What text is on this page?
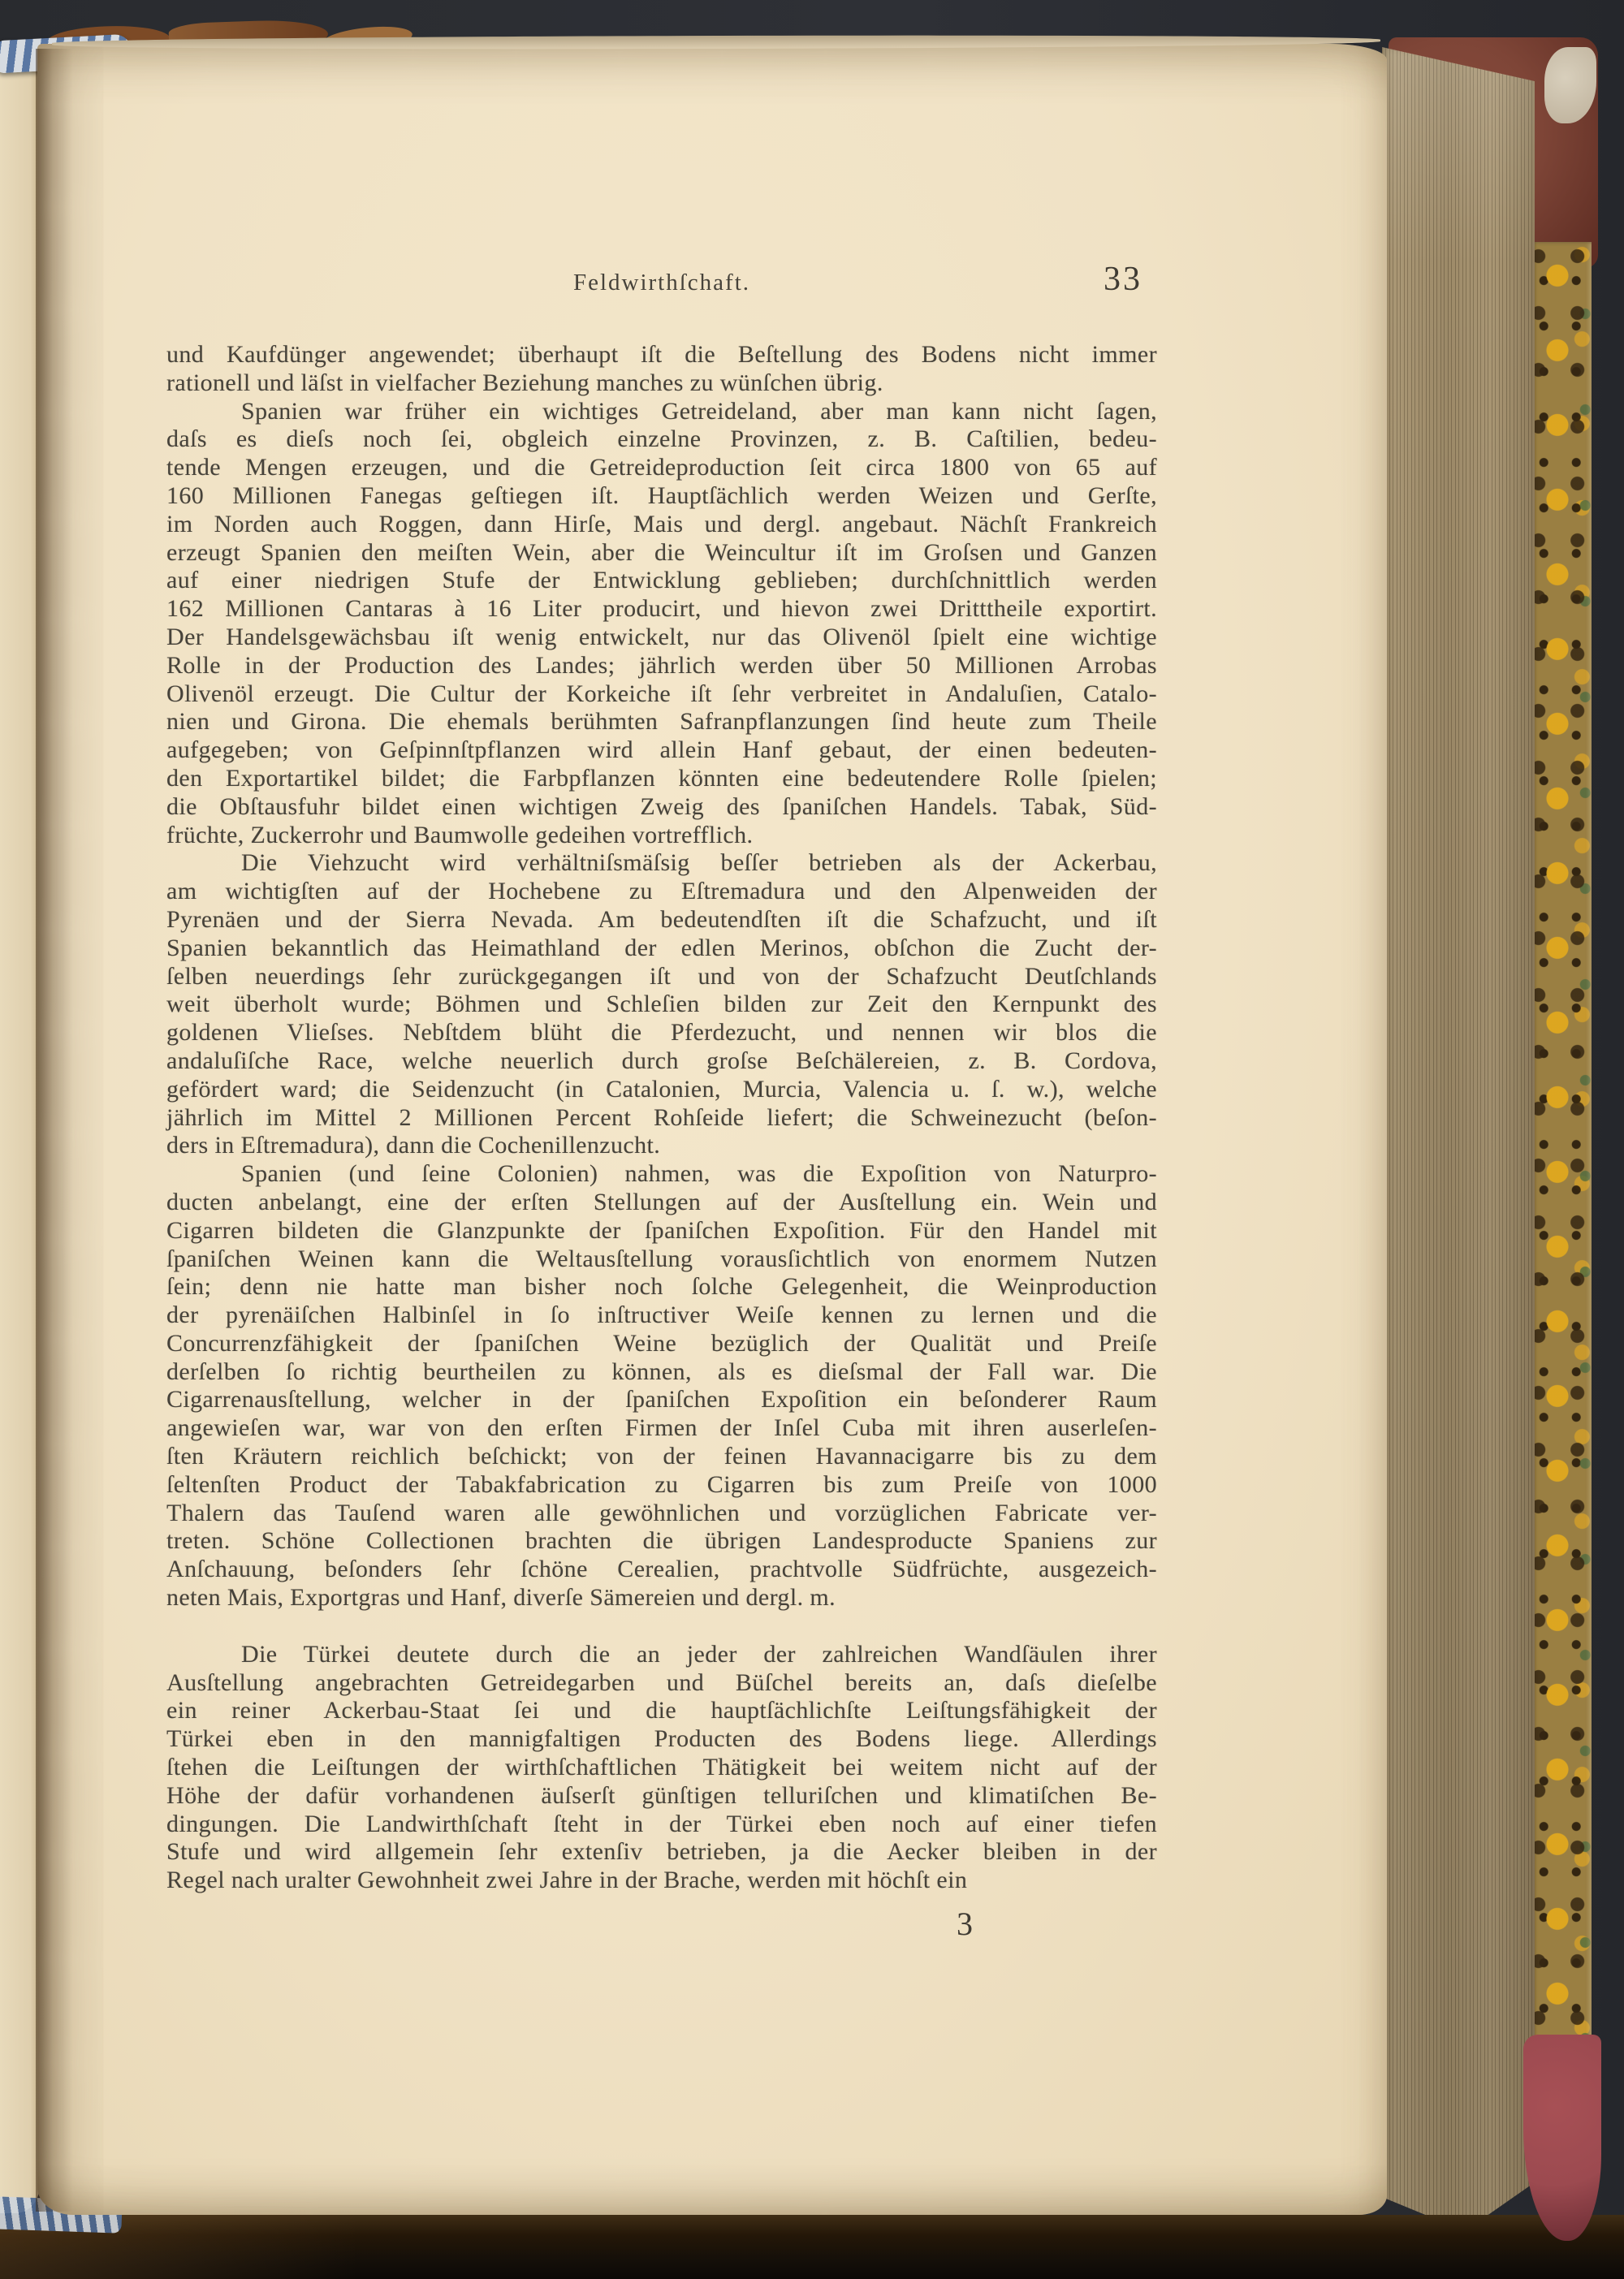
Feldwirthſchaft.	33
und Kaufdünger angewendet; überhaupt iſt die Beſtellung des Bodens nicht immer
rationell und läſst in vielfacher Beziehung manches zu wünſchen übrig.
Spanien war früher ein wichtiges Getreideland, aber man kann nicht ſagen,
daſs es dieſs noch ſei, obgleich einzelne Provinzen, z. B. Caſtilien, bedeu-
tende Mengen erzeugen, und die Getreideproduction ſeit circa 1800 von 65 auf
160 Millionen Fanegas geſtiegen iſt. Hauptſächlich werden Weizen und Gerſte,
im Norden auch Roggen, dann Hirſe, Mais und dergl. angebaut. Nächſt Frankreich
erzeugt Spanien den meiſten Wein, aber die Weincultur iſt im Groſsen und Ganzen
auf einer niedrigen Stufe der Entwicklung geblieben; durchſchnittlich werden
162 Millionen Cantaras à 16 Liter producirt, und hievon zwei Dritttheile exportirt.
Der Handelsgewächsbau iſt wenig entwickelt, nur das Olivenöl ſpielt eine wichtige
Rolle in der Production des Landes; jährlich werden über 50 Millionen Arrobas
Olivenöl erzeugt. Die Cultur der Korkeiche iſt ſehr verbreitet in Andaluſien, Catalo-
nien und Girona. Die ehemals berühmten Safranpflanzungen ſind heute zum Theile
aufgegeben; von Geſpinnſtpflanzen wird allein Hanf gebaut, der einen bedeuten-
den Exportartikel bildet; die Farbpflanzen könnten eine bedeutendere Rolle ſpielen;
die Obſtausfuhr bildet einen wichtigen Zweig des ſpaniſchen Handels. Tabak, Süd-
früchte, Zuckerrohr und Baumwolle gedeihen vortrefflich.
Die Viehzucht wird verhältniſsmäſsig beſſer betrieben als der Ackerbau,
am wichtigſten auf der Hochebene zu Eſtremadura und den Alpenweiden der
Pyrenäen und der Sierra Nevada. Am bedeutendſten iſt die Schafzucht, und iſt
Spanien bekanntlich das Heimathland der edlen Merinos, obſchon die Zucht der-
ſelben neuerdings ſehr zurückgegangen iſt und von der Schafzucht Deutſchlands
weit überholt wurde; Böhmen und Schleſien bilden zur Zeit den Kernpunkt des
goldenen Vlieſses. Nebſtdem blüht die Pferdezucht, und nennen wir blos die
andaluſiſche Race, welche neuerlich durch groſse Beſchälereien, z. B. Cordova,
gefördert ward; die Seidenzucht (in Catalonien, Murcia, Valencia u. ſ. w.), welche
jährlich im Mittel 2 Millionen Percent Rohſeide liefert; die Schweinezucht (beſon-
ders in Eſtremadura), dann die Cochenillenzucht.
Spanien (und ſeine Colonien) nahmen, was die Expoſition von Naturpro-
ducten anbelangt, eine der erſten Stellungen auf der Ausſtellung ein. Wein und
Cigarren bildeten die Glanzpunkte der ſpaniſchen Expoſition. Für den Handel mit
ſpaniſchen Weinen kann die Weltausſtellung vorausſichtlich von enormem Nutzen
ſein; denn nie hatte man bisher noch ſolche Gelegenheit, die Weinproduction
der pyrenäiſchen Halbinſel in ſo inſtructiver Weiſe kennen zu lernen und die
Concurrenzfähigkeit der ſpaniſchen Weine bezüglich der Qualität und Preiſe
derſelben ſo richtig beurtheilen zu können, als es dieſsmal der Fall war. Die
Cigarrenausſtellung, welcher in der ſpaniſchen Expoſition ein beſonderer Raum
angewieſen war, war von den erſten Firmen der Inſel Cuba mit ihren auserleſen-
ſten Kräutern reichlich beſchickt; von der feinen Havannacigarre bis zu dem
ſeltenſten Product der Tabakfabrication zu Cigarren bis zum Preiſe von 1000
Thalern das Tauſend waren alle gewöhnlichen und vorzüglichen Fabricate ver-
treten. Schöne Collectionen brachten die übrigen Landesproducte Spaniens zur
Anſchauung, beſonders ſehr ſchöne Cerealien, prachtvolle Südfrüchte, ausgezeich-
neten Mais, Exportgras und Hanf, diverſe Sämereien und dergl. m.
Die Türkei deutete durch die an jeder der zahlreichen Wandſäulen ihrer
Ausſtellung angebrachten Getreidegarben und Büſchel bereits an, daſs dieſelbe
ein reiner Ackerbau-Staat ſei und die hauptſächlichſte Leiſtungsfähigkeit der
Türkei eben in den mannigfaltigen Producten des Bodens liege. Allerdings
ſtehen die Leiſtungen der wirthſchaftlichen Thätigkeit bei weitem nicht auf der
Höhe der dafür vorhandenen äuſserſt günſtigen telluriſchen und klimatiſchen Be-
dingungen. Die Landwirthſchaft ſteht in der Türkei eben noch auf einer tiefen
Stufe und wird allgemein ſehr extenſiv betrieben, ja die Aecker bleiben in der
Regel nach uralter Gewohnheit zwei Jahre in der Brache, werden mit höchſt ein
3
